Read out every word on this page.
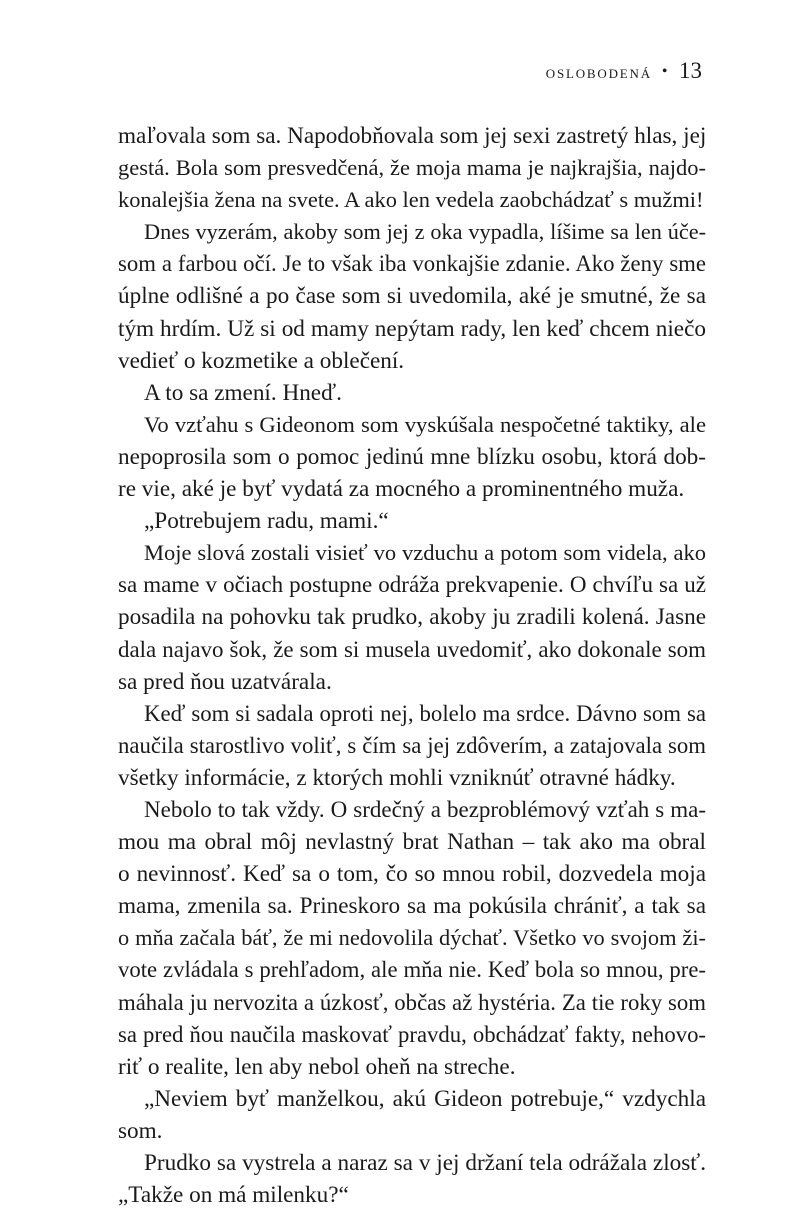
oslobodená • 13
maľovala som sa. Napodobňovala som jej sexi zastretý hlas, jej
gestá. Bola som presvedčená, že moja mama je najkrajšia, najdo-
konalejšia žena na svete. A ako len vedela zaobchádzať s mužmi!
Dnes vyzerám, akoby som jej z oka vypadla, líšime sa len úče-
som a farbou očí. Je to však iba vonkajšie zdanie. Ako ženy sme
úplne odlišné a po čase som si uvedomila, aké je smutné, že sa
tým hrdím. Už si od mamy nepýtam rady, len keď chcem niečo
vedieť o kozmetike a oblečení.
A to sa zmení. Hneď.
Vo vzťahu s Gideonom som vyskúšala nespočetné taktiky, ale
nepoprosila som o pomoc jedinú mne blízku osobu, ktorá dob-
re vie, aké je byť vydatá za mocného a prominentného muža.
„Potrebujem radu, mami.“
Moje slová zostali visieť vo vzduchu a potom som videla, ako
sa mame v očiach postupne odráža prekvapenie. O chvíľu sa už
posadila na pohovku tak prudko, akoby ju zradili kolená. Jasne
dala najavo šok, že som si musela uvedomiť, ako dokonale som
sa pred ňou uzatvárala.
Keď som si sadala oproti nej, bolelo ma srdce. Dávno som sa
naučila starostlivo voliť, s čím sa jej zdôverím, a zatajovala som
všetky informácie, z ktorých mohli vzniknúť otravné hádky.
Nebolo to tak vždy. O srdečný a bezproblémový vzťah s ma-
mou ma obral môj nevlastný brat Nathan – tak ako ma obral
o nevinnosť. Keď sa o tom, čo so mnou robil, dozvedela moja
mama, zmenila sa. Prineskoro sa ma pokúsila chrániť, a tak sa
o mňa začala báť, že mi nedovolila dýchať. Všetko vo svojom ži-
vote zvládala s prehľadom, ale mňa nie. Keď bola so mnou, pre-
máhala ju nervozita a úzkosť, občas až hystéria. Za tie roky som
sa pred ňou naučila maskovať pravdu, obchádzať fakty, nehovo-
riť o realite, len aby nebol oheň na streche.
„Neviem byť manželkou, akú Gideon potrebuje,“ vzdychla
som.
Prudko sa vystrela a naraz sa v jej držaní tela odrážala zlosť.
„Takže on má milenku?“
